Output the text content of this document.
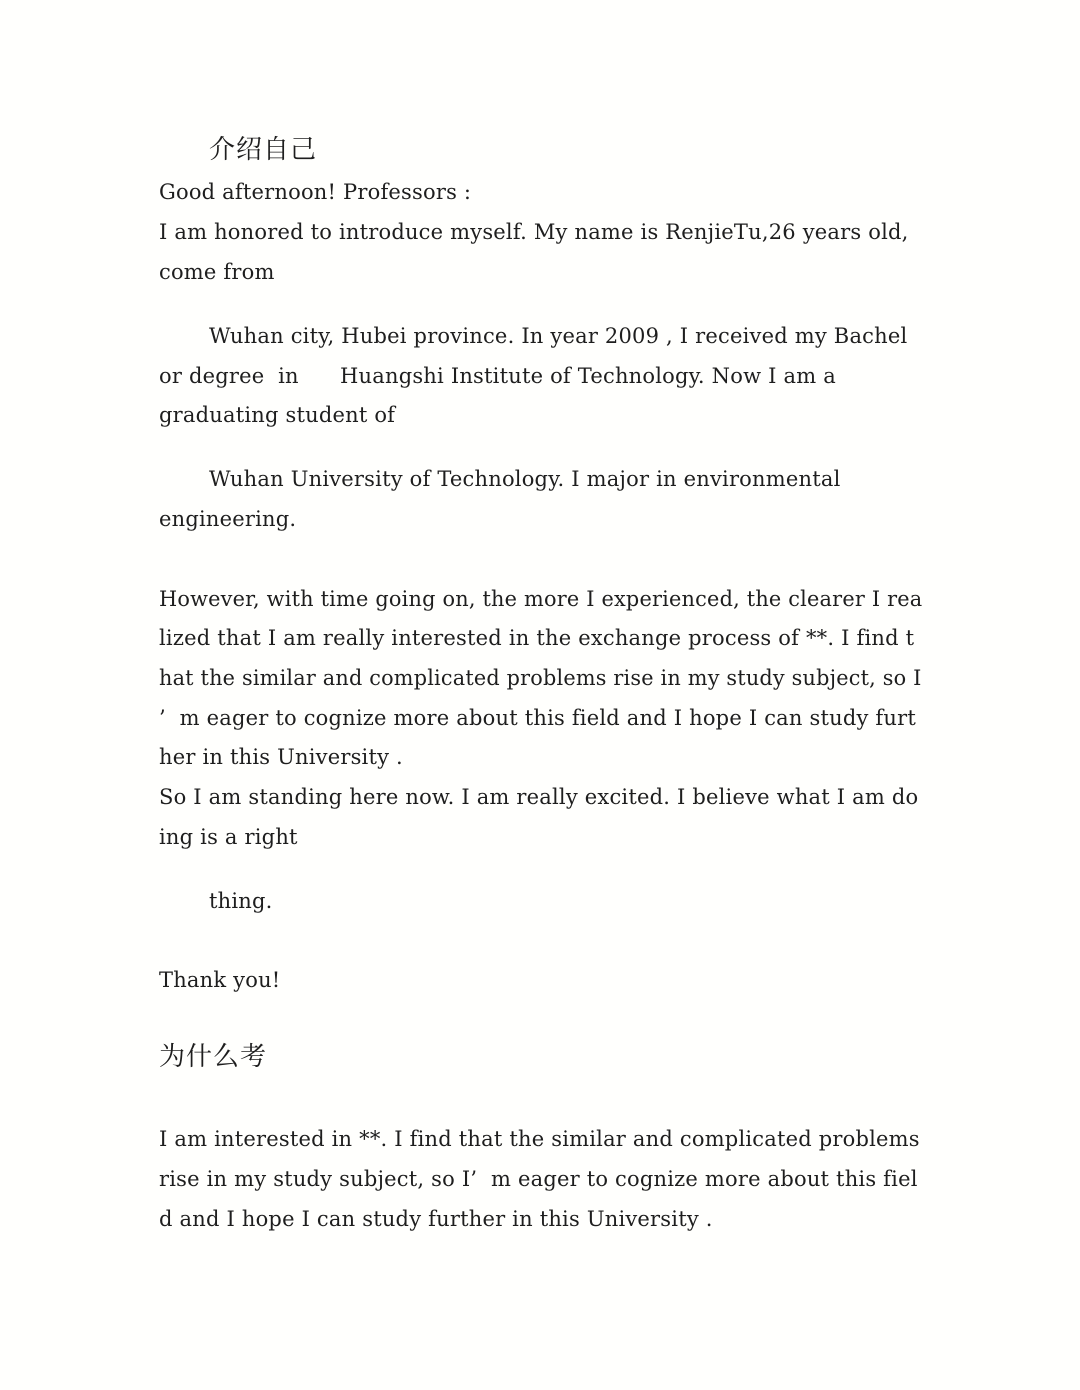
介绍自己

Good afternoon! Professors :

I am honored to introduce myself. My name is RenjieTu,26 years old,

come from

Wuhan city, Hubei province. In year 2009 , I received my Bachel

or degree  in      Huangshi Institute of Technology. Now I am a

graduating student of

Wuhan University of Technology. I major in environmental

engineering.

However, with time going on, the more I experienced, the clearer I rea

lized that I am really interested in the exchange process of **. I find t

hat the similar and complicated problems rise in my study subject, so I

’  m eager to cognize more about this field and I hope I can study furt

her in this University .

So I am standing here now. I am really excited. I believe what I am do

ing is a right

thing.

Thank you!

为什么考

I am interested in **. I find that the similar and complicated problems

rise in my study subject, so I’  m eager to cognize more about this fiel

d and I hope I can study further in this University .
